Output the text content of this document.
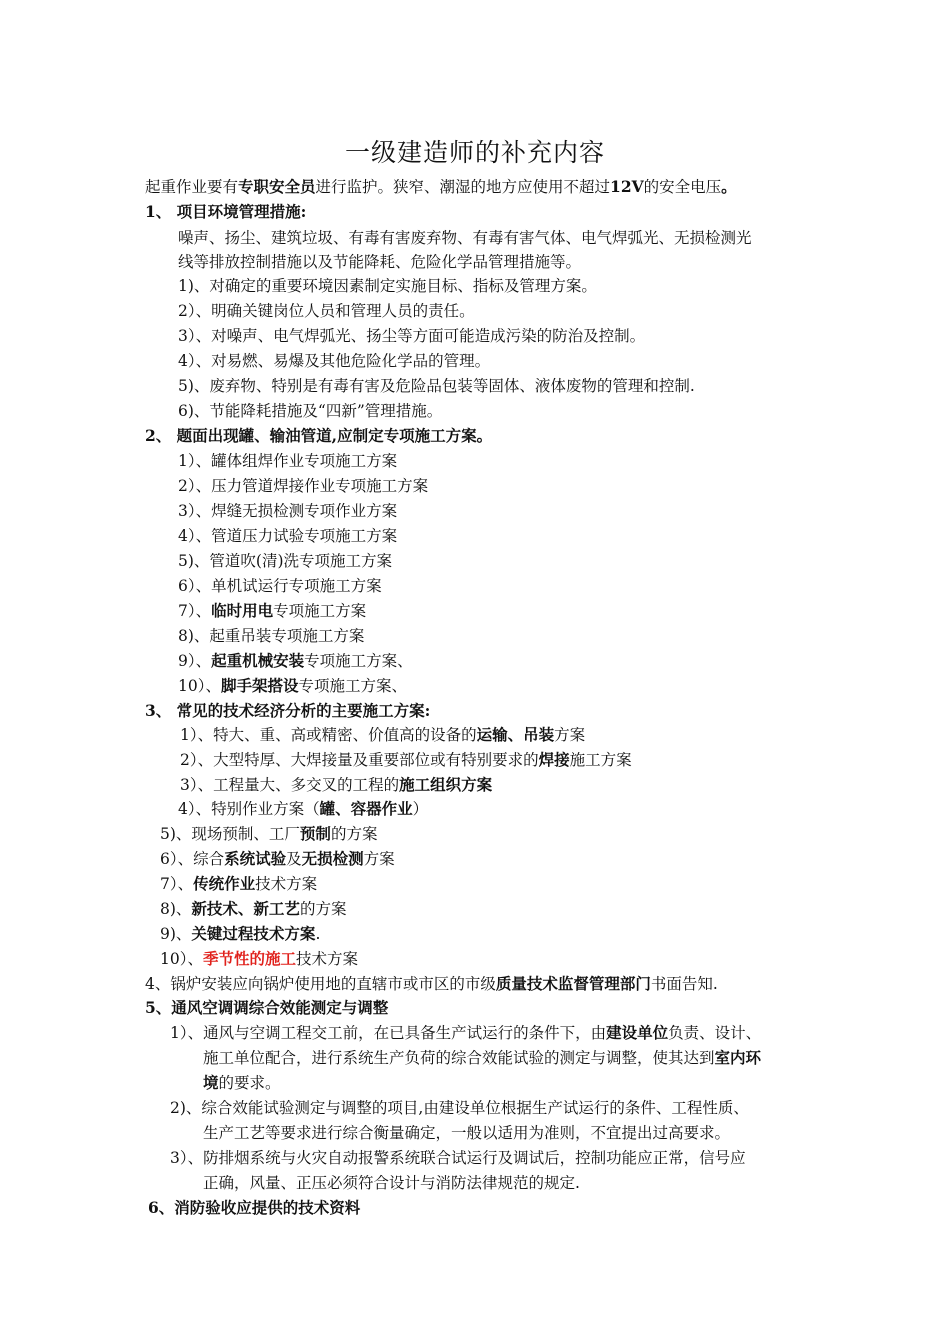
一级建造师的补充内容
起重作业要有专职安全员进行监护。狭窄、潮湿的地方应使用不超过12V的安全电压。
1、 项目环境管理措施:
噪声、扬尘、建筑垃圾、有毒有害废弃物、有毒有害气体、电气焊弧光、无损检测光
线等排放控制措施以及节能降耗、危险化学品管理措施等。
1)、对确定的重要环境因素制定实施目标、指标及管理方案。
2）、明确关键岗位人员和管理人员的责任。
3）、对噪声、电气焊弧光、扬尘等方面可能造成污染的防治及控制。
4）、对易燃、易爆及其他危险化学品的管理。
5)、废弃物、特别是有毒有害及危险品包装等固体、液体废物的管理和控制.
6)、节能降耗措施及“四新”管理措施。
2、 题面出现罐、输油管道,应制定专项施工方案。
1）、罐体组焊作业专项施工方案
2）、压力管道焊接作业专项施工方案
3）、焊缝无损检测专项作业方案
4）、管道压力试验专项施工方案
5)、管道吹(清)洗专项施工方案
6）、单机试运行专项施工方案
7）、临时用电专项施工方案
8)、起重吊装专项施工方案
9）、起重机械安装专项施工方案、
10）、脚手架搭设专项施工方案、
3、 常见的技术经济分析的主要施工方案:
1）、特大、重、高或精密、价值高的设备的运输、吊装方案
2）、大型特厚、大焊接量及重要部位或有特别要求的焊接施工方案
3）、工程量大、多交叉的工程的施工组织方案
4）、特别作业方案（罐、容器作业）
5)、现场预制、工厂预制的方案
6）、综合系统试验及无损检测方案
7）、传统作业技术方案
8)、新技术、新工艺的方案
9)、关键过程技术方案.
10）、季节性的施工技术方案
4、锅炉安装应向锅炉使用地的直辖市或市区的市级质量技术监督管理部门书面告知.
5、通风空调调综合效能测定与调整
1）、通风与空调工程交工前，在已具备生产试运行的条件下，由建设单位负责、设计、
施工单位配合，进行系统生产负荷的综合效能试验的测定与调整，使其达到室内环
境的要求。
2)、综合效能试验测定与调整的项目,由建设单位根据生产试运行的条件、工程性质、
生产工艺等要求进行综合衡量确定，一般以适用为准则，不宜提出过高要求。
3）、防排烟系统与火灾自动报警系统联合试运行及调试后，控制功能应正常，信号应
正确，风量、正压必须符合设计与消防法律规范的规定.
6、消防验收应提供的技术资料
